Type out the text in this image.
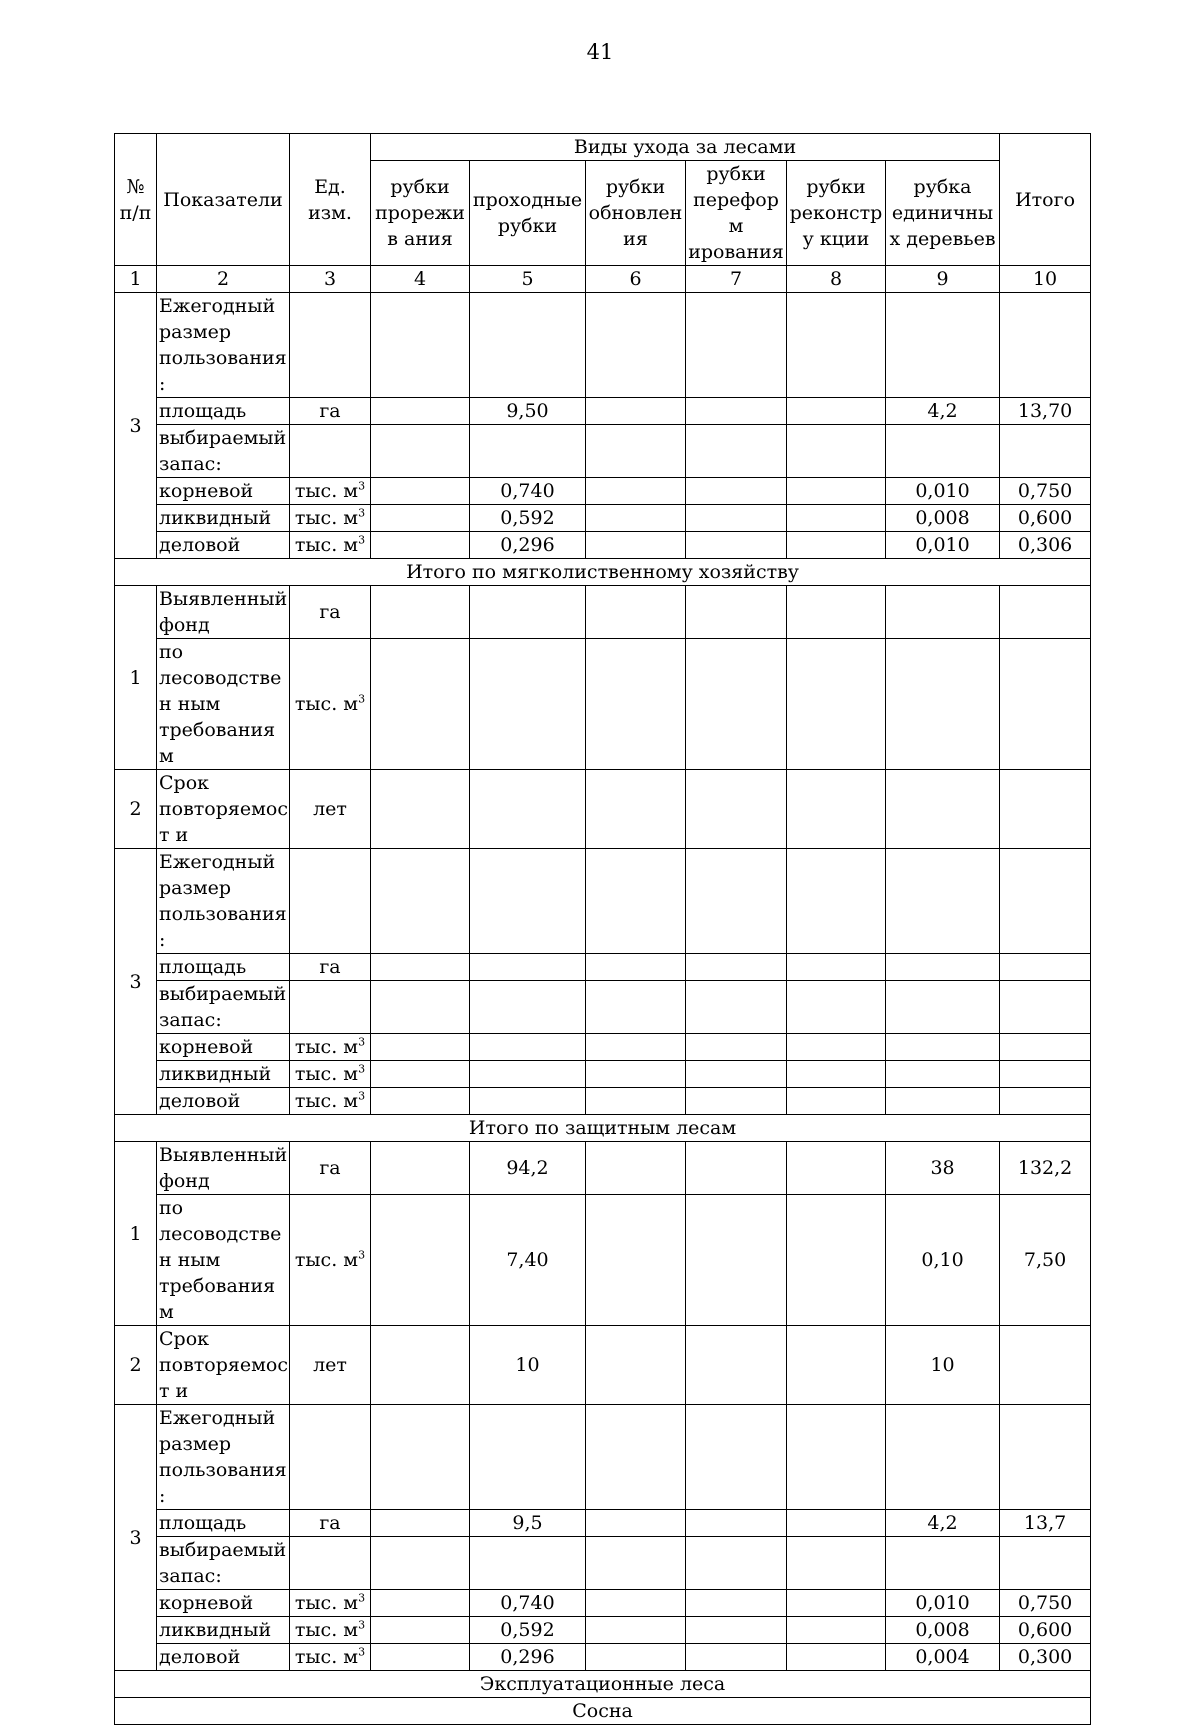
41
№ п/п	Показатели	Ед. изм.	Виды ухода за лесами						Итого
			рубки прорежив ания	проходные рубки	рубки обновлен ия	рубки переформ ирования	рубки реконстру кции	рубка единичных деревьев	
1	2	3	4	5	6	7	8	9	10
3	Ежегодный размер пользования:								
	площадь	га		9,50				4,2	13,70
	выбираемый запас:								
	корневой	тыс. $м^3$		0,740				0,010	0,750
	ликвидный	тыс. $м^3$		0,592				0,008	0,600
	деловой	тыс. $м^3$		0,296				0,010	0,306
Итого по мягколиственному хозяйству									
1	Выявленный фонд	га							
	по лесоводствен ным требованиям	тыс. $м^3$							
2	Срок повторяемост и	лет							
3	Ежегодный размер пользования:								
	площадь	га							
	выбираемый запас:								
	корневой	тыс. $м^3$							
	ликвидный	тыс. $м^3$							
	деловой	тыс. $м^3$							
Итого по защитным лесам									
1	Выявленный фонд	га		94,2				38	132,2
	по лесоводствен ным требованиям	тыс. $м^3$		7,40				0,10	7,50
2	Срок повторяемост и	лет		10				10	
3	Ежегодный размер пользования:								
	площадь	га		9,5				4,2	13,7
	выбираемый запас:								
	корневой	тыс. $м^3$		0,740				0,010	0,750
	ликвидный	тыс. $м^3$		0,592				0,008	0,600
	деловой	тыс. $м^3$		0,296				0,004	0,300
Эксплуатационные леса									
Сосна									
